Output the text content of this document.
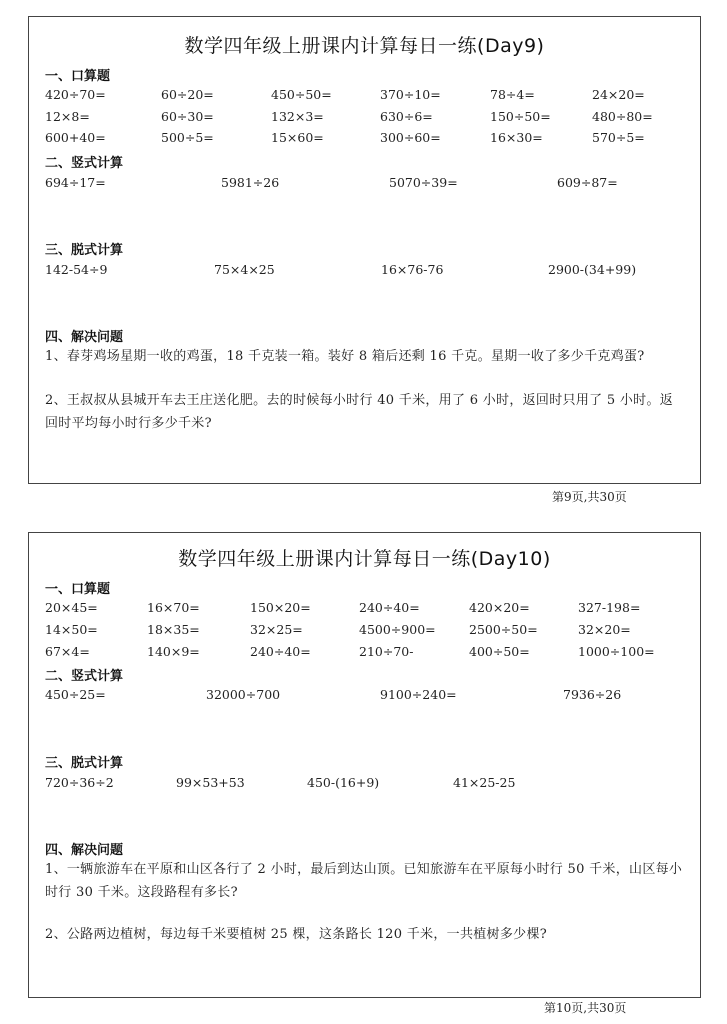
数学四年级上册课内计算每日一练(Day9)
一、口算题
420÷70=	60÷20=	450÷50=	370÷10=	78÷4=	24×20=
12×8=	60÷30=	132×3=	630÷6=	150÷50=	480÷80=
600+40=	500÷5=	15×60=	300÷60=	16×30=	570÷5=
二、竖式计算
694÷17=	5981÷26	5070÷39=	609÷87=
三、脱式计算
142-54÷9	75×4×25	16×76-76	2900-(34+99)
四、解决问题
1、春芽鸡场星期一收的鸡蛋，18 千克装一箱。装好 8 箱后还剩 16 千克。星期一收了多少千克鸡蛋?
2、王叔叔从县城开车去王庄送化肥。去的时候每小时行 40 千米，用了 6 小时，返回时只用了 5 小时。返回时平均每小时行多少千米?
第9页,共30页
数学四年级上册课内计算每日一练(Day10)
一、口算题
20×45=	16×70=	150×20=	240÷40=	420×20=	327-198=
14×50=	18×35=	32×25=	4500÷900=	2500÷50=	32×20=
67×4=	140×9=	240÷40=	210÷70-	400÷50=	1000÷100=
二、竖式计算
450÷25=	32000÷700	9100÷240=	7936÷26
三、脱式计算
720÷36÷2	99×53+53	450-(16+9)	41×25-25
四、解决问题
1、一辆旅游车在平原和山区各行了 2 小时，最后到达山顶。已知旅游车在平原每小时行 50 千米，山区每小时行 30 千米。这段路程有多长?
2、公路两边植树，每边每千米要植树 25 棵，这条路长 120 千米，一共植树多少棵?
第10页,共30页
